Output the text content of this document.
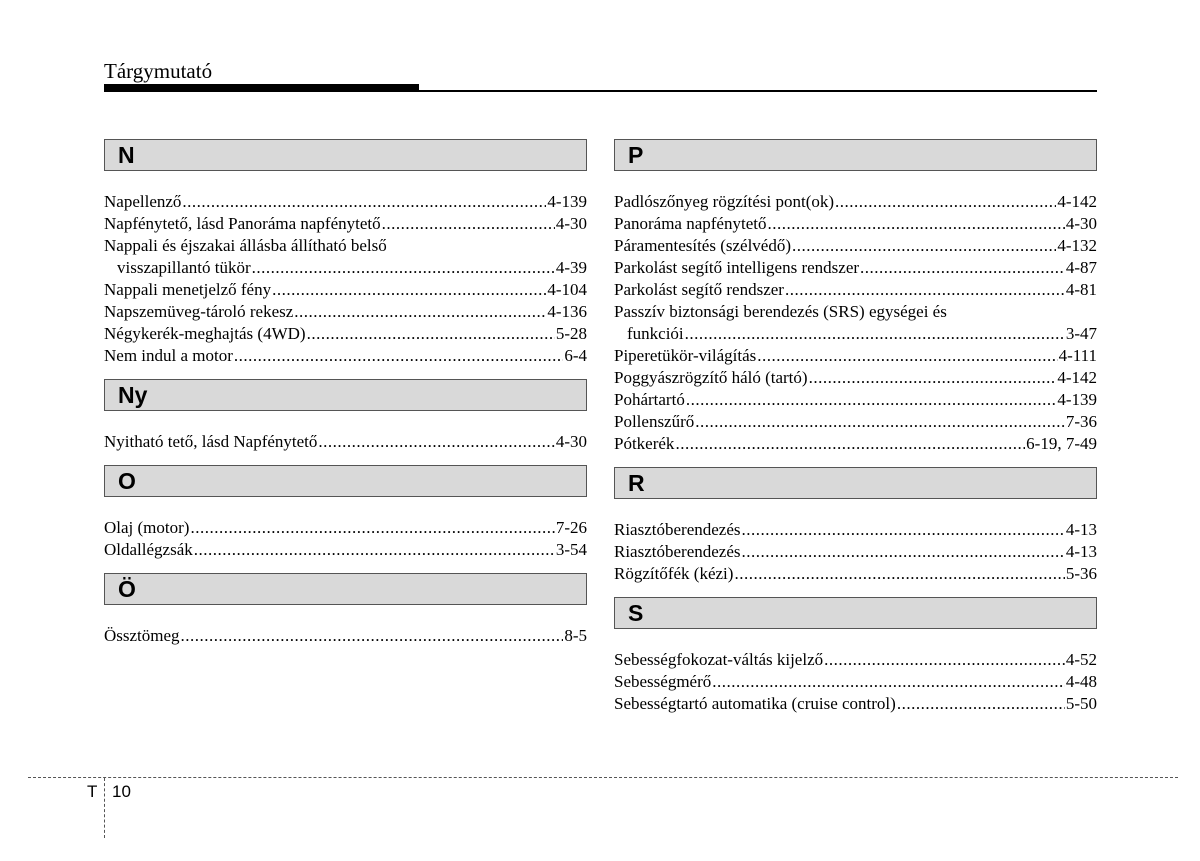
Tárgymutató
N
Napellenző .....	4-139
Napfénytető, lásd Panoráma napfénytető .....	4-30
Nappali és éjszakai állásba állítható belső
visszapillantó tükör .....	4-39
Nappali menetjelző fény .....	4-104
Napszemüveg-tároló rekesz .....	4-136
Négykerék-meghajtás (4WD) .....	5-28
Nem indul a motor .....	6-4
Ny
Nyitható tető, lásd Napfénytető .....	4-30
O
Olaj (motor) .....	7-26
Oldallégzsák .....	3-54
Ö
Össztömeg .....	8-5
P
Padlószőnyeg rögzítési pont(ok) .....	4-142
Panoráma napfénytető .....	4-30
Páramentesítés (szélvédő) .....	4-132
Parkolást segítő intelligens rendszer .....	4-87
Parkolást segítő rendszer .....	4-81
Passzív biztonsági berendezés (SRS) egységei és
funkciói .....	3-47
Piperetükör-világítás .....	4-111
Poggyászrögzítő háló (tartó) .....	4-142
Pohártartó .....	4-139
Pollenszűrő .....	7-36
Pótkerék .....	6-19, 7-49
R
Riasztóberendezés .....	4-13
Riasztóberendezés .....	4-13
Rögzítőfék (kézi) .....	5-36
S
Sebességfokozat-váltás kijelző .....	4-52
Sebességmérő .....	4-48
Sebességtartó automatika (cruise control) .....	5-50
T 10
